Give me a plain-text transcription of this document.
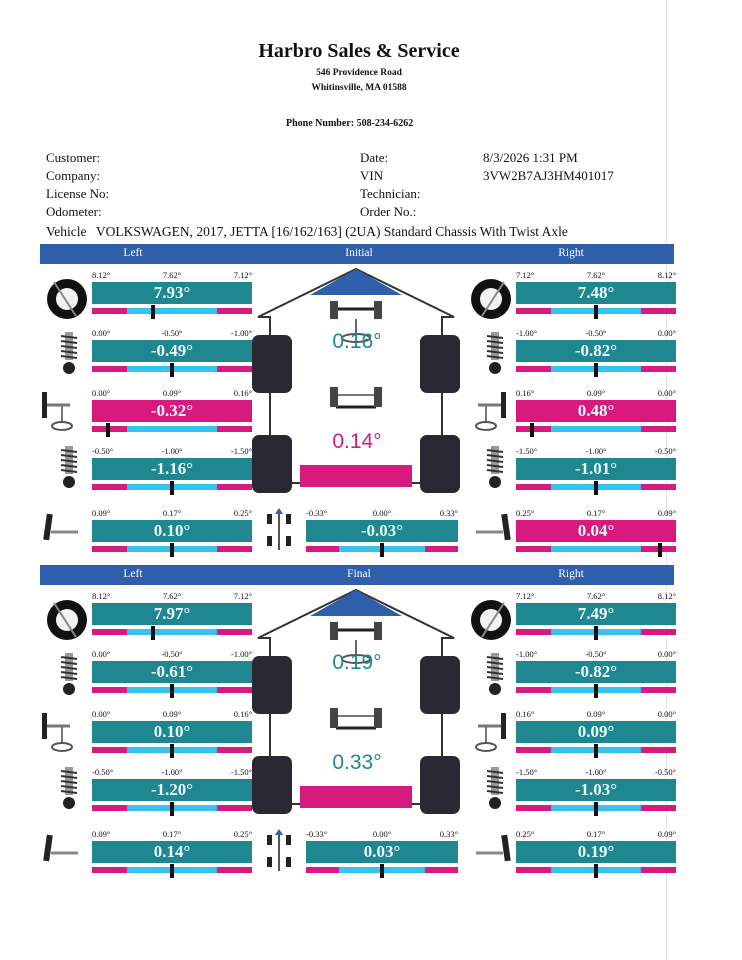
Harbro Sales & Service
546 Providence Road
Whitinsville, MA 01588
Phone Number: 508-234-6262
Customer:
Company:
License No:
Odometer:
Date:	8/3/2026 1:31 PM
VIN	3VW2B7AJ3HM401017
Technician:
Order No.:
Vehicle VOLKSWAGEN, 2017, JETTA [16/162/163] (2UA) Standard Chassis With Twist Axle
Left	Initial	Right
0.16°
0.14°
8.12°	7.62°	7.12°
7.93°
7.12°	7.62°	8.12°
7.48°
0.00°	-0.50°	-1.00°
-0.49°
-1.00°	-0.50°	0.00°
-0.82°
0.00°	0.09°	0.16°
-0.32°
0.16°	0.09°	0.00°
0.48°
-0.50°	-1.00°	-1.50°
-1.16°
-1.50°	-1.00°	-0.50°
-1.01°
0.09°	0.17°	0.25°
0.10°
-0.33°	0.00°	0.33°
-0.03°
0.25°	0.17°	0.09°
0.04°
Left	Final	Right
0.19°
0.33°
8.12°	7.62°	7.12°
7.97°
7.12°	7.62°	8.12°
7.49°
0.00°	-0.50°	-1.00°
-0.61°
-1.00°	-0.50°	0.00°
-0.82°
0.00°	0.09°	0.16°
0.10°
0.16°	0.09°	0.00°
0.09°
-0.50°	-1.00°	-1.50°
-1.20°
-1.50°	-1.00°	-0.50°
-1.03°
0.09°	0.17°	0.25°
0.14°
-0.33°	0.00°	0.33°
0.03°
0.25°	0.17°	0.09°
0.19°
